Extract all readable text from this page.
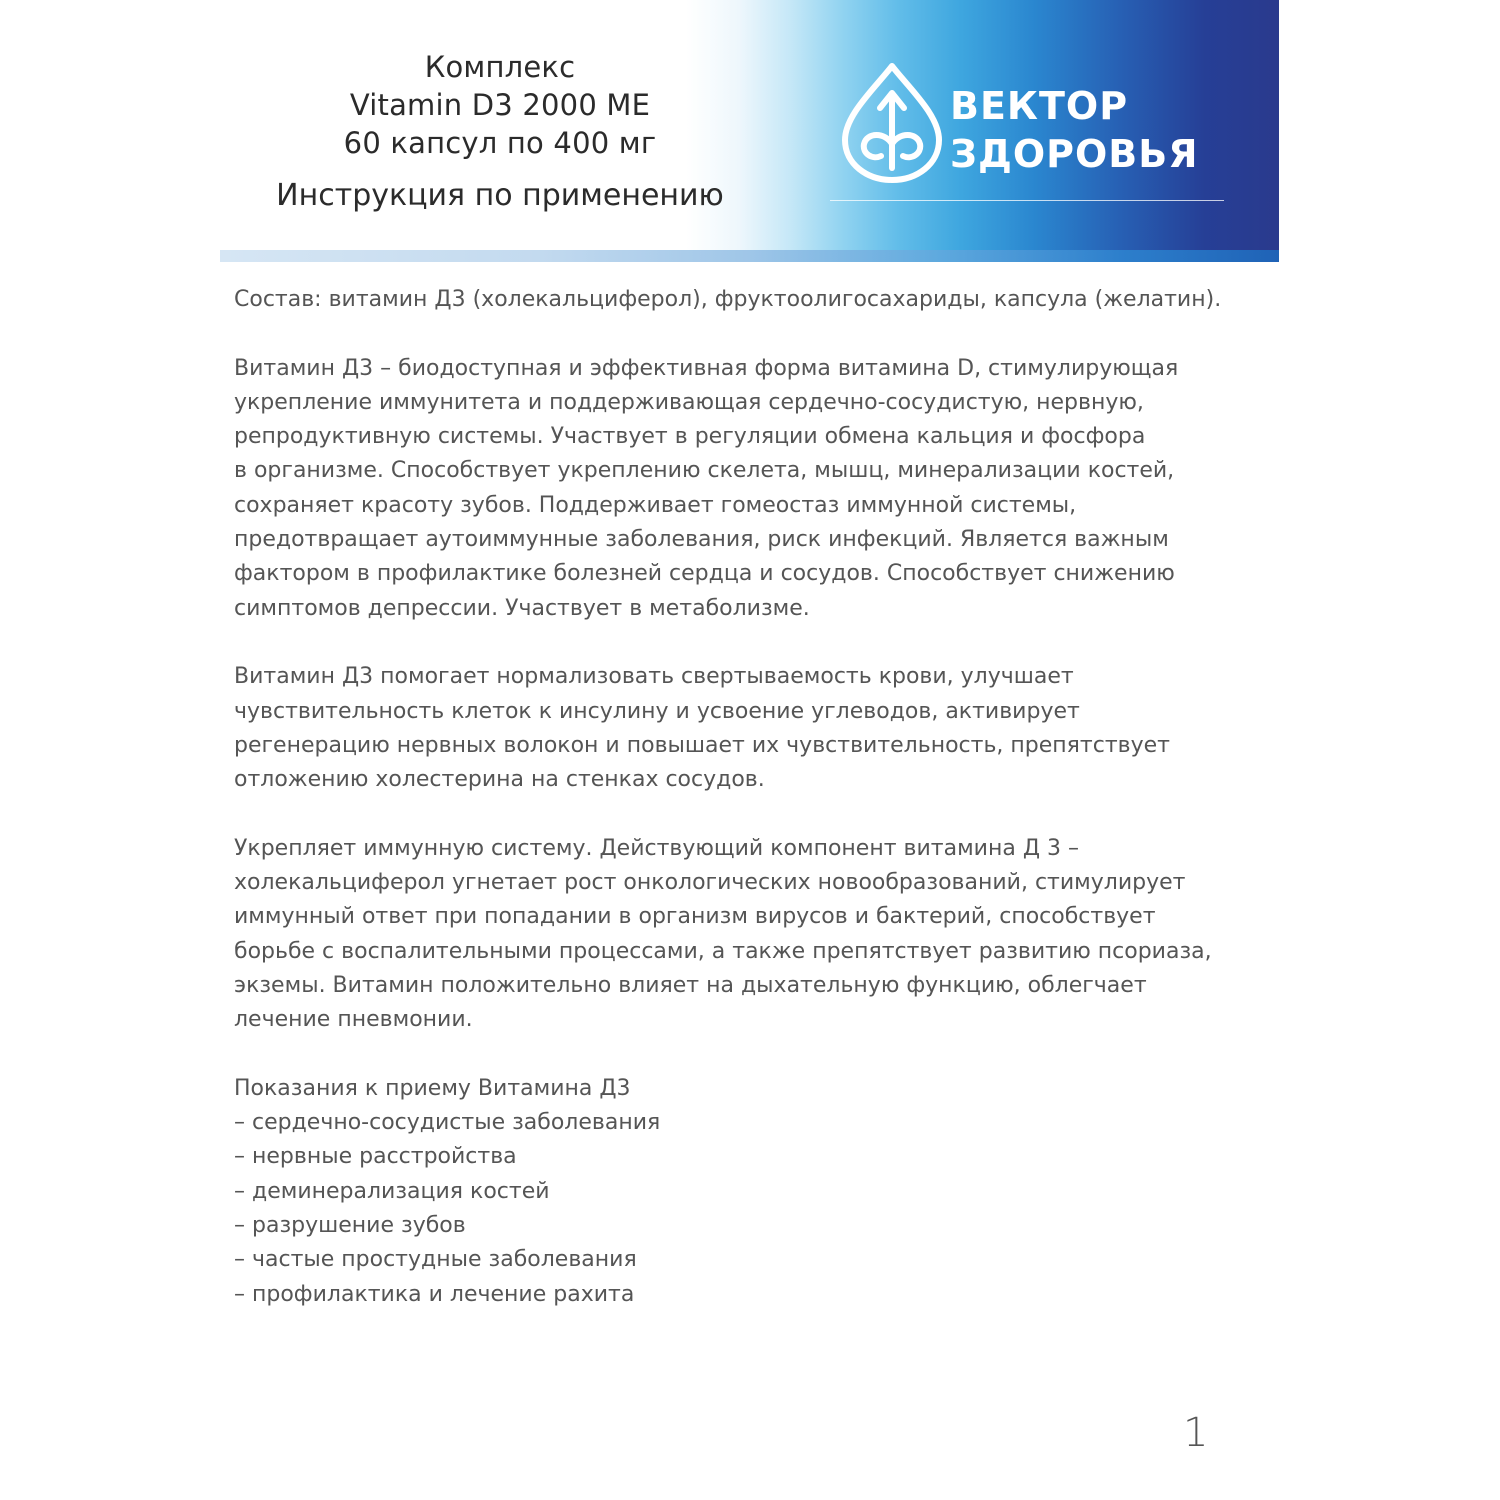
Комплекс
Vitamin D3 2000 МЕ
60 капсул по 400 мг
Инструкция по применению
ВЕКТОР
ЗДОРОВЬЯ

Состав: витамин Д3 (холекальциферол), фруктоолигосахариды, капсула (желатин).

Витамин Д3 – биодоступная и эффективная форма витамина D, стимулирующая
укрепление иммунитета и поддерживающая сердечно-сосудистую, нервную,
репродуктивную системы. Участвует в регуляции обмена кальция и фосфора
в организме. Способствует укреплению скелета, мышц, минерализации костей,
сохраняет красоту зубов. Поддерживает гомеостаз иммунной системы,
предотвращает аутоиммунные заболевания, риск инфекций. Является важным
фактором в профилактике болезней сердца и сосудов. Способствует снижению
симптомов депрессии. Участвует в метаболизме.

Витамин Д3 помогает нормализовать свертываемость крови, улучшает
чувствительность клеток к инсулину и усвоение углеводов, активирует
регенерацию нервных волокон и повышает их чувствительность, препятствует
отложению холестерина на стенках сосудов.

Укрепляет иммунную систему. Действующий компонент витамина Д 3 –
холекальциферол угнетает рост онкологических новообразований, стимулирует
иммунный ответ при попадании в организм вирусов и бактерий, способствует
борьбе с воспалительными процессами, а также препятствует развитию псориаза,
экземы. Витамин положительно влияет на дыхательную функцию, облегчает
лечение пневмонии.

Показания к приему Витамина Д3
– сердечно-сосудистые заболевания
– нервные расстройства
– деминерализация костей
– разрушение зубов
– частые простудные заболевания
– профилактика и лечение рахита
1
